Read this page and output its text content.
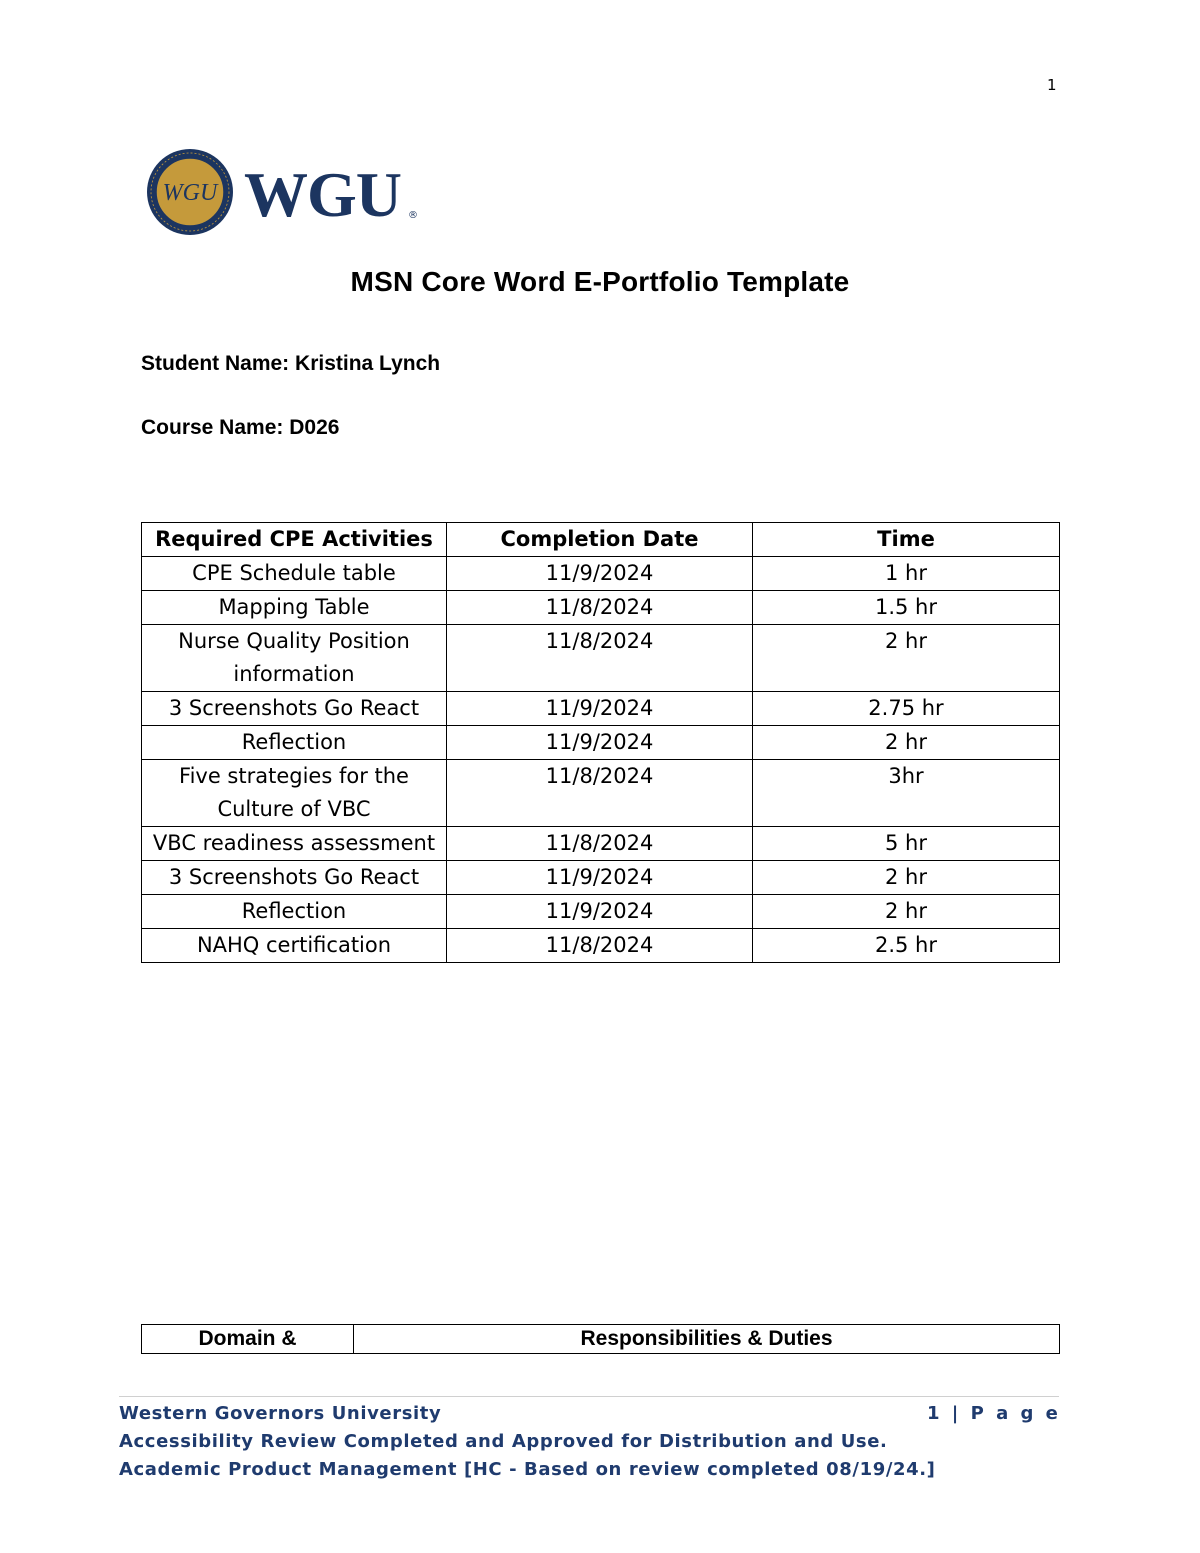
1
WGU WGU ®
MSN Core Word E-Portfolio Template
Student Name: Kristina Lynch
Course Name: D026
Required CPE Activities	Completion Date	Time
CPE Schedule table	11/9/2024	1 hr
Mapping Table	11/8/2024	1.5 hr
Nurse Quality Position information	11/8/2024	2 hr
3 Screenshots Go React	11/9/2024	2.75 hr
Reflection	11/9/2024	2 hr
Five strategies for the Culture of VBC	11/8/2024	3hr
VBC readiness assessment	11/8/2024	5 hr
3 Screenshots Go React	11/9/2024	2 hr
Reflection	11/9/2024	2 hr
NAHQ certification	11/8/2024	2.5 hr
Domain &	Responsibilities & Duties
Western Governors University	1 | P a g e
Accessibility Review Completed and Approved for Distribution and Use.
Academic Product Management [HC - Based on review completed 08/19/24.]
